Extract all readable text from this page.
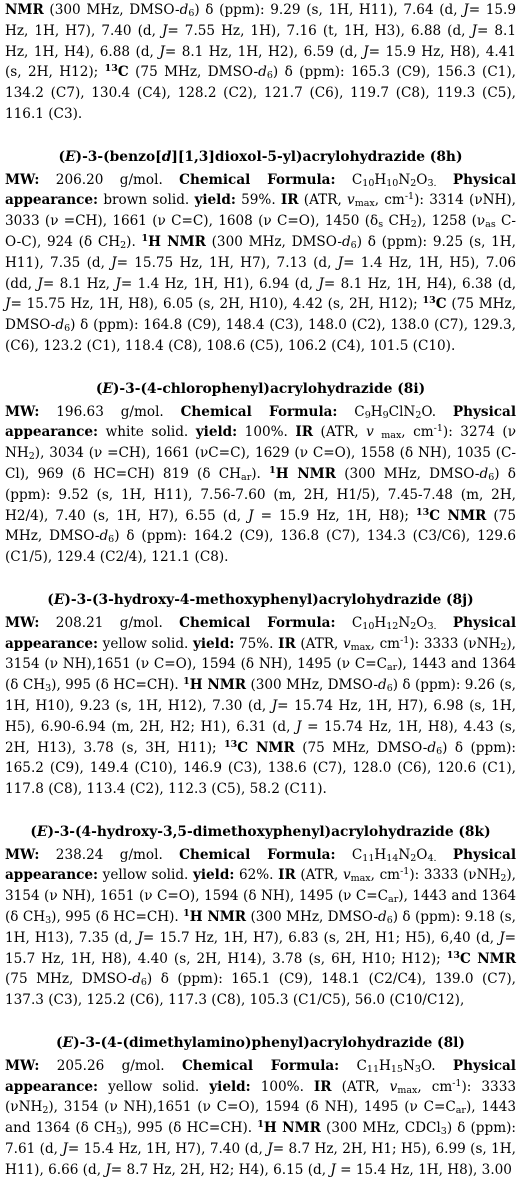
NMR (300 MHz, DMSO-$d_6$) δ (ppm): 9.29 (s, 1H, H11), 7.64 (d, J= 15.9 Hz, 1H, H7), 7.40 (d, J= 7.55 Hz, 1H), 7.16 (t, 1H, H3), 6.88 (d, J= 8.1 Hz, 1H, H4), 6.88 (d, J= 8.1 Hz, 1H, H2), 6.59 (d, J= 15.9 Hz, H8), 4.41 (s, 2H, H12); $^{13}$C (75 MHz, DMSO-$d_6$) δ (ppm): 165.3 (C9), 156.3 (C1), 134.2 (C7), 130.4 (C4), 128.2 (C2), 121.7 (C6), 119.7 (C8), 119.3 (C5), 116.1 (C3).

(E)-3-(benzo[d][1,3]dioxol-5-yl)acrylohydrazide (8h)

MW: 206.20 g/mol. Chemical Formula: $C_{10}H_{10}N_2O_{3.}$ Physical appearance: brown solid. yield: 59%. IR (ATR, $v_{max}$, $cm^{-1}$): 3314 (νNH), 3033 (ν =CH), 1661 (ν C=C), 1608 (ν C=O), 1450 ($\delta_s$ $CH_2$), 1258 ($\nu_{as}$ C-O-C), 924 (δ $CH_2$). $^1$H NMR (300 MHz, DMSO-$d_6$) δ (ppm): 9.25 (s, 1H, H11), 7.35 (d, J= 15.75 Hz, 1H, H7), 7.13 (d, J= 1.4 Hz, 1H, H5), 7.06 (dd, J= 8.1 Hz, J= 1.4 Hz, 1H, H1), 6.94 (d, J= 8.1 Hz, 1H, H4), 6.38 (d, J= 15.75 Hz, 1H, H8), 6.05 (s, 2H, H10), 4.42 (s, 2H, H12); $^{13}$C (75 MHz, DMSO-$d_6$) δ (ppm): 164.8 (C9), 148.4 (C3), 148.0 (C2), 138.0 (C7), 129.3, (C6), 123.2 (C1), 118.4 (C8), 108.6 (C5), 106.2 (C4), 101.5 (C10).

(E)-3-(4-chlorophenyl)acrylohydrazide (8i)

MW: 196.63 g/mol. Chemical Formula: $C_9H_9ClN_2O$. Physical appearance: white solid. yield: 100%. IR (ATR, v $_{max}$, $cm^{-1}$): 3274 (ν $NH_2$), 3034 (ν =CH), 1661 (νC=C), 1629 (ν C=O), 1558 (δ NH), 1035 (C-Cl), 969 (δ HC=CH) 819 (δ $CH_{ar}$). $^1$H NMR (300 MHz, DMSO-$d_6$) δ (ppm): 9.52 (s, 1H, H11), 7.56-7.60 (m, 2H, H1/5), 7.45-7.48 (m, 2H, H2/4), 7.40 (s, 1H, H7), 6.55 (d, J = 15.9 Hz, 1H, H8); $^{13}$C NMR (75 MHz, DMSO-$d_6$) δ (ppm): 164.2 (C9), 136.8 (C7), 134.3 (C3/C6), 129.6 (C1/5), 129.4 (C2/4), 121.1 (C8).

(E)-3-(3-hydroxy-4-methoxyphenyl)acrylohydrazide (8j)

MW: 208.21 g/mol. Chemical Formula: $C_{10}H_{12}N_2O_{3.}$ Physical appearance: yellow solid. yield: 75%. IR (ATR, $v_{max}$, $cm^{-1}$): 3333 (νNH$_2$), 3154 (ν NH),1651 (ν C=O), 1594 (δ NH), 1495 (ν $C=C_{ar}$), 1443 and 1364 (δ $CH_3$), 995 (δ HC=CH). $^1$H NMR (300 MHz, DMSO-$d_6$) δ (ppm): 9.26 (s, 1H, H10), 9.23 (s, 1H, H12), 7.30 (d, J= 15.74 Hz, 1H, H7), 6.98 (s, 1H, H5), 6.90-6.94 (m, 2H, H2; H1), 6.31 (d, J = 15.74 Hz, 1H, H8), 4.43 (s, 2H, H13), 3.78 (s, 3H, H11); $^{13}$C NMR (75 MHz, DMSO-$d_6$) δ (ppm): 165.2 (C9), 149.4 (C10), 146.9 (C3), 138.6 (C7), 128.0 (C6), 120.6 (C1), 117.8 (C8), 113.4 (C2), 112.3 (C5), 58.2 (C11).

(E)-3-(4-hydroxy-3,5-dimethoxyphenyl)acrylohydrazide (8k)

MW: 238.24 g/mol. Chemical Formula: $C_{11}H_{14}N_2O_{4.}$ Physical appearance: yellow solid. yield: 62%. IR (ATR, $v_{max}$, $cm^{-1}$): 3333 (νNH$_2$), 3154 (ν NH), 1651 (ν C=O), 1594 (δ NH), 1495 (ν $C=C_{ar}$), 1443 and 1364 (δ $CH_3$), 995 (δ HC=CH). $^1$H NMR (300 MHz, DMSO-$d_6$) δ (ppm): 9.18 (s, 1H, H13), 7.35 (d, J= 15.7 Hz, 1H, H7), 6.83 (s, 2H, H1; H5), 6,40 (d, J= 15.7 Hz, 1H, H8), 4.40 (s, 2H, H14), 3.78 (s, 6H, H10; H12); $^{13}$C NMR (75 MHz, DMSO-$d_6$) δ (ppm): 165.1 (C9), 148.1 (C2/C4), 139.0 (C7), 137.3 (C3), 125.2 (C6), 117.3 (C8), 105.3 (C1/C5), 56.0 (C10/C12),

(E)-3-(4-(dimethylamino)phenyl)acrylohydrazide (8l)

MW: 205.26 g/mol. Chemical Formula: $C_{11}H_{15}N_3O$. Physical appearance: yellow solid. yield: 100%. IR (ATR, $v_{max}$, $cm^{-1}$): 3333 (νNH$_2$), 3154 (ν NH),1651 (ν C=O), 1594 (δ NH), 1495 (ν $C=C_{ar}$), 1443 and 1364 (δ $CH_3$), 995 (δ HC=CH). $^1$H NMR (300 MHz, CDCl$_3$) δ (ppm): 7.61 (d, J= 15.4 Hz, 1H, H7), 7.40 (d, J= 8.7 Hz, 2H, H1; H5), 6.99 (s, 1H, H11), 6.66 (d, J= 8.7 Hz, 2H, H2; H4), 6.15 (d, J = 15.4 Hz, 1H, H8), 3.00
